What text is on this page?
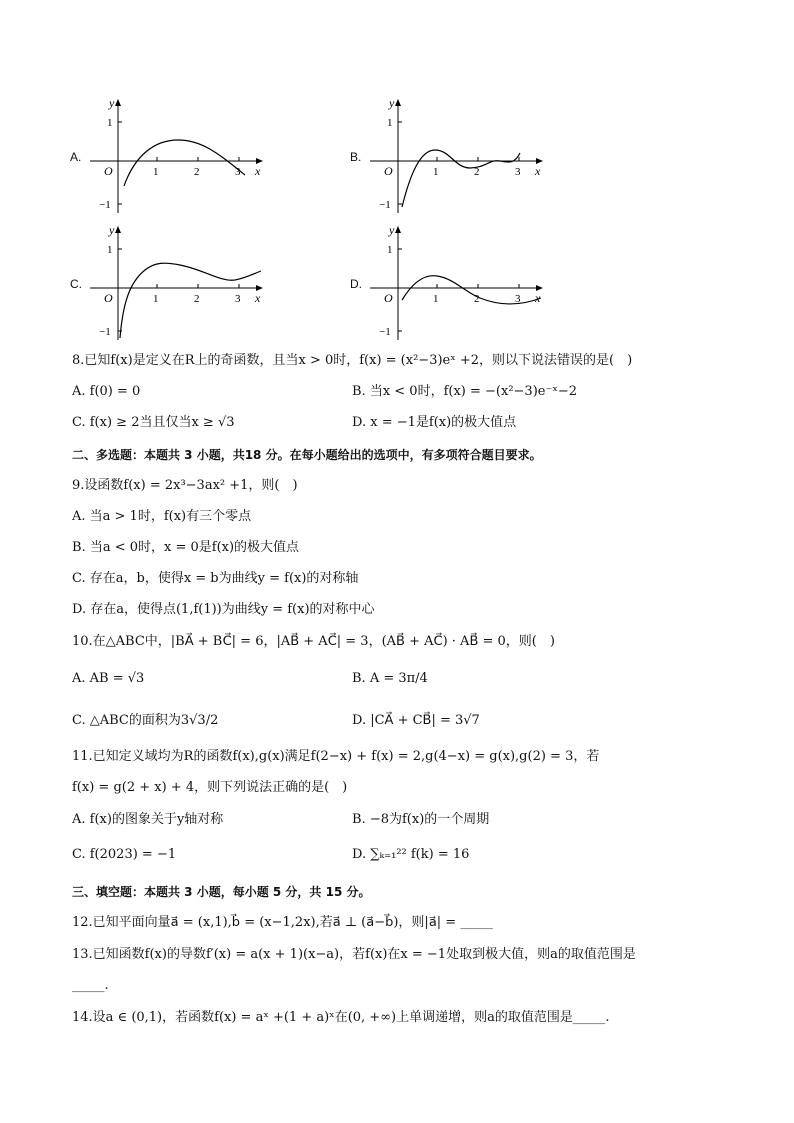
A.
y
x
O
1
−1
1	2	3
B.
y
x
O
1
−1
1	2	3
C.
y
x
O
1
−1
1	2	3
D.
y
x
O
1
−1
1	2	3
8.已知f(x)是定义在R上的奇函数，且当x > 0时，f(x) = (x²−3)eˣ +2，则以下说法错误的是(　)
A. f(0) = 0	B. 当x < 0时，f(x) = −(x²−3)e⁻ˣ−2
C. f(x) ≥ 2当且仅当x ≥ √3	D. x = −1是f(x)的极大值点
二、多选题：本题共 3 小题，共18 分。在每小题给出的选项中，有多项符合题目要求。
9.设函数f(x) = 2x³−3ax² +1，则(　)
A. 当a > 1时，f(x)有三个零点
B. 当a < 0时，x = 0是f(x)的极大值点
C. 存在a，b，使得x = b为曲线y = f(x)的对称轴
D. 存在a，使得点(1,f(1))为曲线y = f(x)的对称中心
10.在△ABC中，|BA⃗ + BC⃗| = 6，|AB⃗ + AC⃗| = 3，(AB⃗ + AC⃗) · AB⃗ = 0，则(　)
A. AB = √3	B. A = 3π/4
C. △ABC的面积为3√3/2	D. |CA⃗ + CB⃗| = 3√7
11.已知定义域均为R的函数f(x),g(x)满足f(2−x) + f(x) = 2,g(4−x) = g(x),g(2) = 3，若
f(x) = g(2 + x) + 4，则下列说法正确的是(　)
A. f(x)的图象关于y轴对称	B. −8为f(x)的一个周期
C. f(2023) = −1	D. ∑ₖ₌₁²² f(k) = 16
三、填空题：本题共 3 小题，每小题 5 分，共 15 分。
12.已知平面向量a⃗ = (x,1),b⃗ = (x−1,2x),若a⃗ ⊥ (a⃗−b⃗)，则|a⃗| = _____
13.已知函数f(x)的导数f′(x) = a(x + 1)(x−a)，若f(x)在x = −1处取到极大值，则a的取值范围是
_____.
14.设a ∈ (0,1)，若函数f(x) = aˣ +(1 + a)ˣ在(0, +∞)上单调递增，则a的取值范围是_____.
